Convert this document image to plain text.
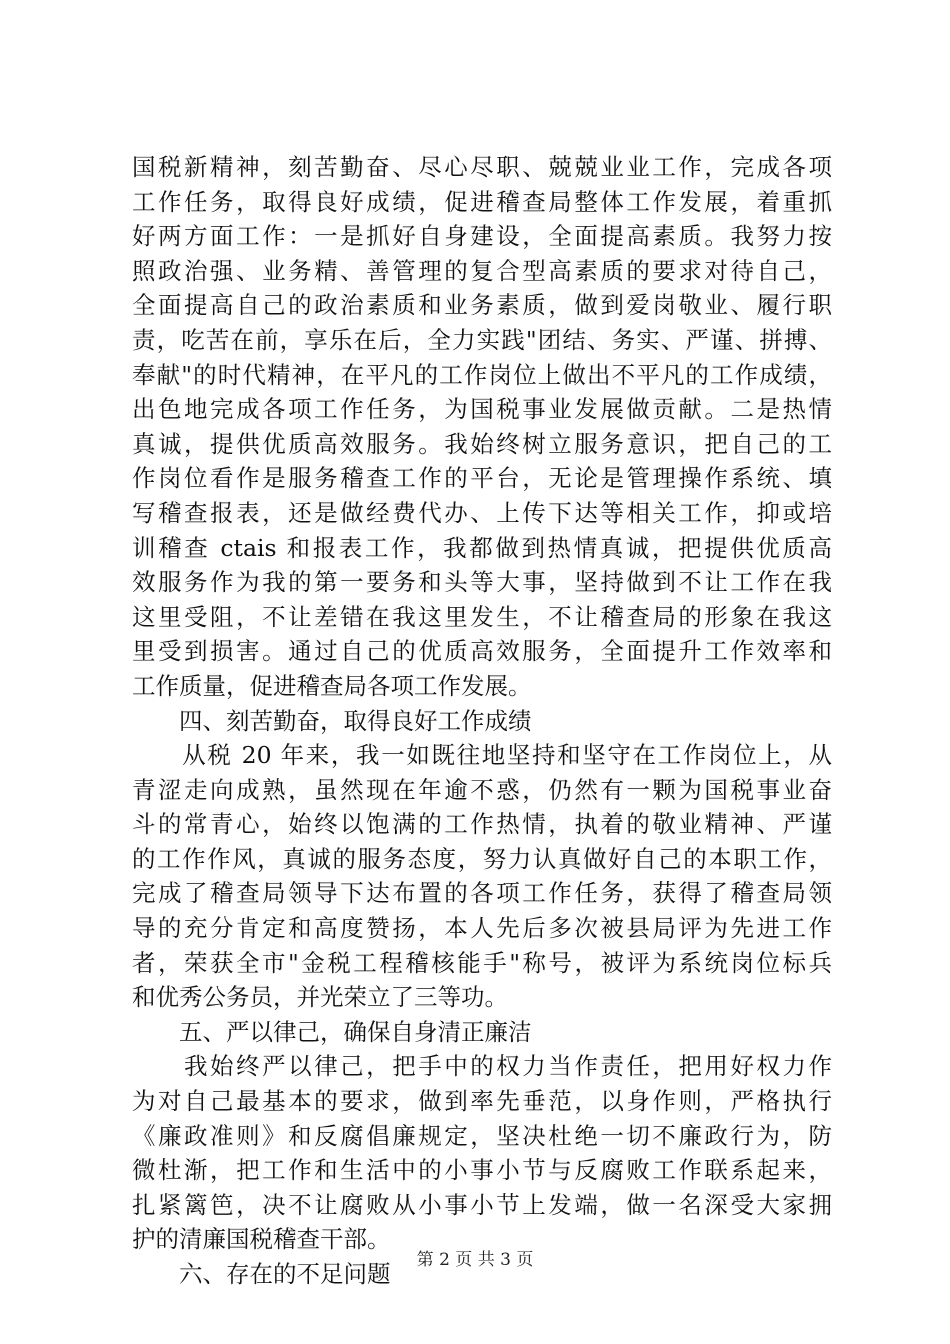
国税新精神，刻苦勤奋、尽心尽职、兢兢业业工作，完成各项
工作任务，取得良好成绩，促进稽查局整体工作发展，着重抓
好两方面工作：一是抓好自身建设，全面提高素质。我努力按
照政治强、业务精、善管理的复合型高素质的要求对待自己，
全面提高自己的政治素质和业务素质，做到爱岗敬业、履行职
责，吃苦在前，享乐在后，全力实践"团结、务实、严谨、拼搏、
奉献"的时代精神，在平凡的工作岗位上做出不平凡的工作成绩，
出色地完成各项工作任务，为国税事业发展做贡献。二是热情
真诚，提供优质高效服务。我始终树立服务意识，把自己的工
作岗位看作是服务稽查工作的平台，无论是管理操作系统、填
写稽查报表，还是做经费代办、上传下达等相关工作，抑或培
训稽查 ctais 和报表工作，我都做到热情真诚，把提供优质高
效服务作为我的第一要务和头等大事，坚持做到不让工作在我
这里受阻，不让差错在我这里发生，不让稽查局的形象在我这
里受到损害。通过自己的优质高效服务，全面提升工作效率和
工作质量，促进稽查局各项工作发展。
　　四、刻苦勤奋，取得良好工作成绩
　　从税 20 年来，我一如既往地坚持和坚守在工作岗位上，从
青涩走向成熟，虽然现在年逾不惑，仍然有一颗为国税事业奋
斗的常青心，始终以饱满的工作热情，执着的敬业精神、严谨
的工作作风，真诚的服务态度，努力认真做好自己的本职工作，
完成了稽查局领导下达布置的各项工作任务，获得了稽查局领
导的充分肯定和高度赞扬，本人先后多次被县局评为先进工作
者，荣获全市"金税工程稽核能手"称号，被评为系统岗位标兵
和优秀公务员，并光荣立了三等功。
　　五、严以律己，确保自身清正廉洁
　　我始终严以律己，把手中的权力当作责任，把用好权力作
为对自己最基本的要求，做到率先垂范，以身作则，严格执行
《廉政准则》和反腐倡廉规定，坚决杜绝一切不廉政行为，防
微杜渐，把工作和生活中的小事小节与反腐败工作联系起来，
扎紧篱笆，决不让腐败从小事小节上发端，做一名深受大家拥
护的清廉国税稽查干部。
　　六、存在的不足问题	第 2 页 共 3 页
